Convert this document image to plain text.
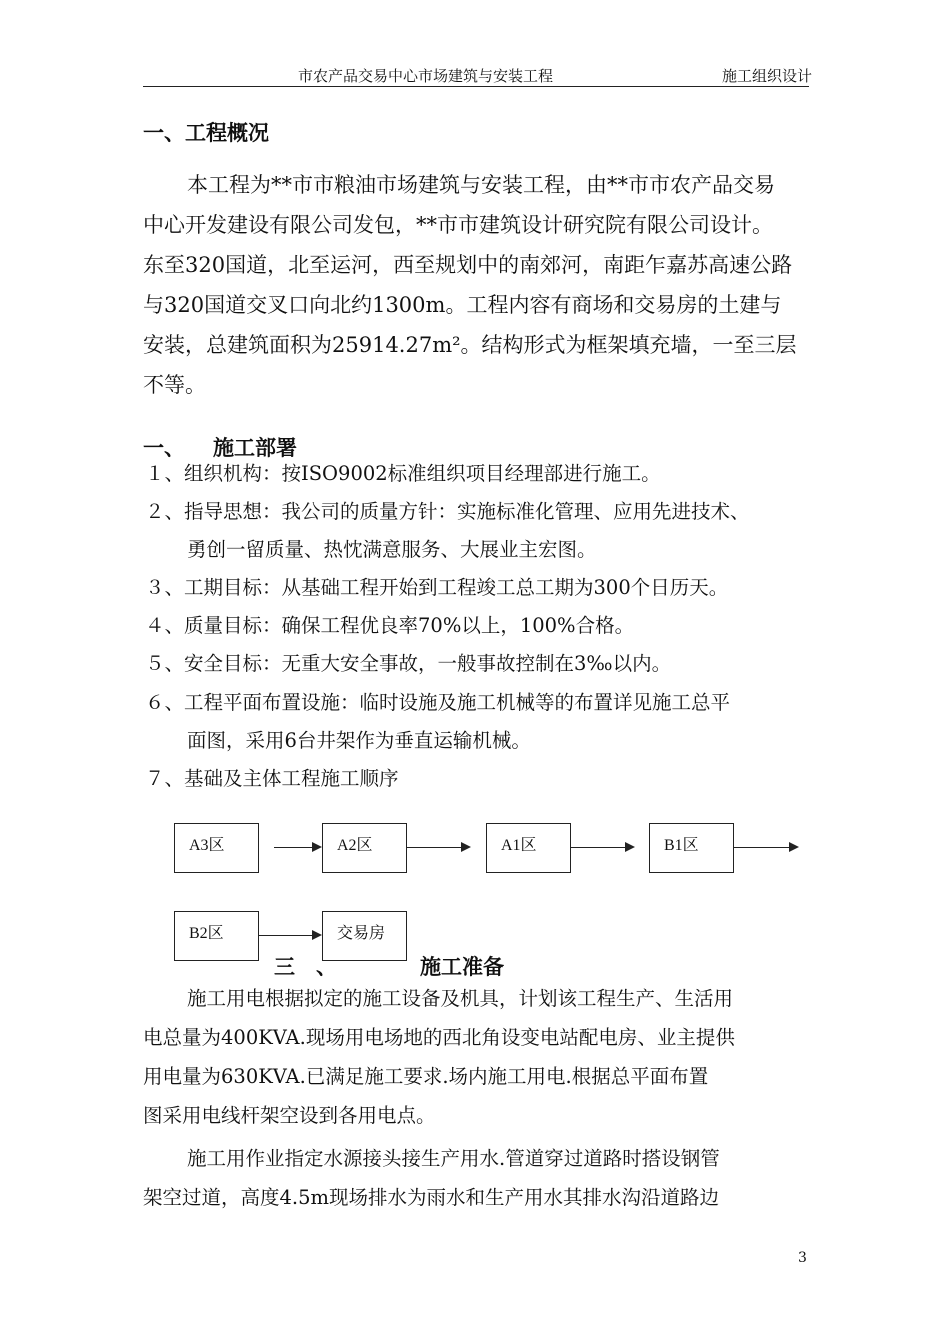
市农产品交易中心市场建筑与安装工程	施工组织设计
一、工程概况
本工程为**市市粮油市场建筑与安装工程，由**市市农产品交易
中心开发建设有限公司发包，**市市建筑设计研究院有限公司设计。
东至320国道，北至运河，西至规划中的南郊河，南距乍嘉苏高速公路
与320国道交叉口向北约1300m。工程内容有商场和交易房的土建与
安装，总建筑面积为25914.27m²。结构形式为框架填充墙，一至三层
不等。
一、 施工部署
１、组织机构：按ISO9002标准组织项目经理部进行施工。
２、指导思想：我公司的质量方针：实施标准化管理、应用先进技术、
勇创一留质量、热忱满意服务、大展业主宏图。
３、工期目标：从基础工程开始到工程竣工总工期为300个日历天。
４、质量目标：确保工程优良率70%以上，100%合格。
５、安全目标：无重大安全事故，一般事故控制在3‰以内。
６、工程平面布置设施：临时设施及施工机械等的布置详见施工总平
面图，采用6台井架作为垂直运输机械。
７、基础及主体工程施工顺序
A3区	A2区	A1区	B1区
B2区	交易房
三　、	施工准备
施工用电根据拟定的施工设备及机具，计划该工程生产、生活用
电总量为400KVA.现场用电场地的西北角设变电站配电房、业主提供
用电量为630KVA.已满足施工要求.场内施工用电.根据总平面布置
图采用电线杆架空设到各用电点。
施工用作业指定水源接头接生产用水.管道穿过道路时搭设钢管
架空过道，高度4.5m现场排水为雨水和生产用水其排水沟沿道路边
3
